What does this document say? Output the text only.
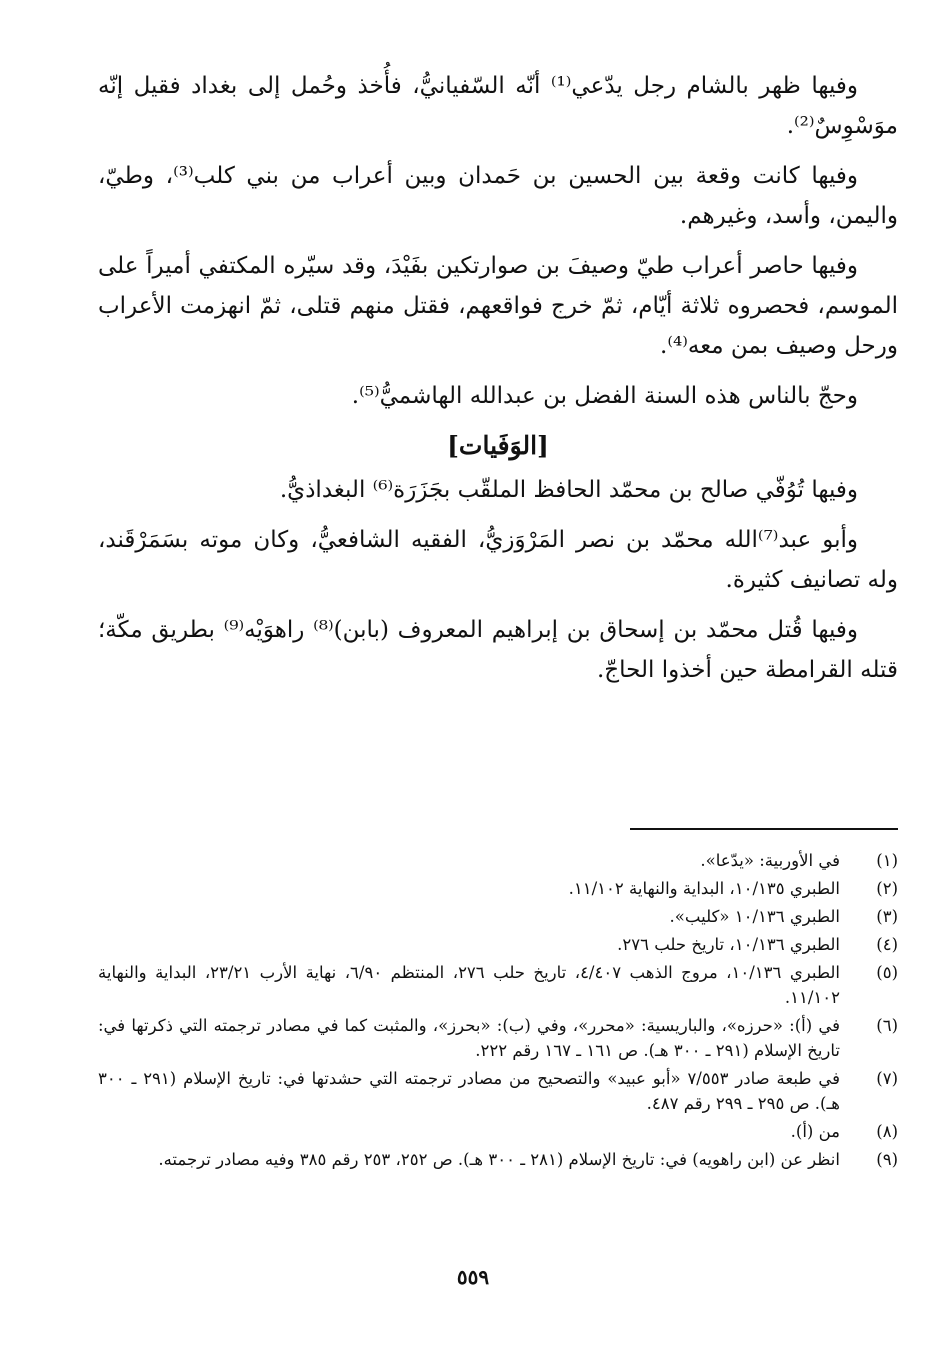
وفيها ظهر بالشام رجل يدّعي⁽¹⁾ أنّه السّفيانيُّ، فأُخذ وحُمل إلى بغداد فقيل إنّه موَسْوِسٌ⁽²⁾.

وفيها كانت وقعة بين الحسين بن حَمدان وبين أعراب من بني كلب⁽³⁾، وطيّ، واليمن، وأسد، وغيرهم.

وفيها حاصر أعراب طيّ وصيفَ بن صوارتكين بفَيْدَ، وقد سيّره المكتفي أميراً على الموسم، فحصروه ثلاثة أيّام، ثمّ خرج فواقعهم، فقتل منهم قتلى، ثمّ انهزمت الأعراب ورحل وصيف بمن معه⁽⁴⁾.

وحجّ بالناس هذه السنة الفضل بن عبدالله الهاشميُّ⁽⁵⁾.

[الوَفَيات]

وفيها تُوُفّي صالح بن محمّد الحافظ الملقّب بجَزَرَة⁽⁶⁾ البغداذيُّ.

وأبو عبد⁽⁷⁾الله محمّد بن نصر المَرْوَزيُّ، الفقيه الشافعيُّ، وكان موته بسَمَرْقَند، وله تصانيف كثيرة.

وفيها قُتل محمّد بن إسحاق بن إبراهيم المعروف (بابن)⁽⁸⁾ راهوَيْه⁽⁹⁾ بطريق مكّة؛ قتله القرامطة حين أخذوا الحاجّ.

(١)
في الأوربية: «يدّعا».
(٢)
الطبري ١٠/١٣٥، البداية والنهاية ١١/١٠٢.
(٣)
الطبري ١٠/١٣٦ «كليب».
(٤)
الطبري ١٠/١٣٦، تاريخ حلب ٢٧٦.
(٥)
الطبري ١٠/١٣٦، مروج الذهب ٤/٤٠٧، تاريخ حلب ٢٧٦، المنتظم ٦/٩٠، نهاية الأرب ٢٣/٢١، البداية والنهاية ١١/١٠٢.
(٦)
في (أ): «حرزه»، والباريسية: «محرر»، وفي (ب): «بحرز»، والمثبت كما في مصادر ترجمته التي ذكرتها في: تاريخ الإسلام (٢٩١ ـ ٣٠٠ هـ). ص ١٦١ ـ ١٦٧ رقم ٢٢٢.
(٧)
في طبعة صادر ٧/٥٥٣ «أبو عبيد» والتصحيح من مصادر ترجمته التي حشدتها في: تاريخ الإسلام (٢٩١ ـ ٣٠٠ هـ). ص ٢٩٥ ـ ٢٩٩ رقم ٤٨٧.
(٨)
من (أ).
(٩)
انظر عن (ابن راهويه) في: تاريخ الإسلام (٢٨١ ـ ٣٠٠ هـ). ص ٢٥٢، ٢٥٣ رقم ٣٨٥ وفيه مصادر ترجمته.
٥٥٩
